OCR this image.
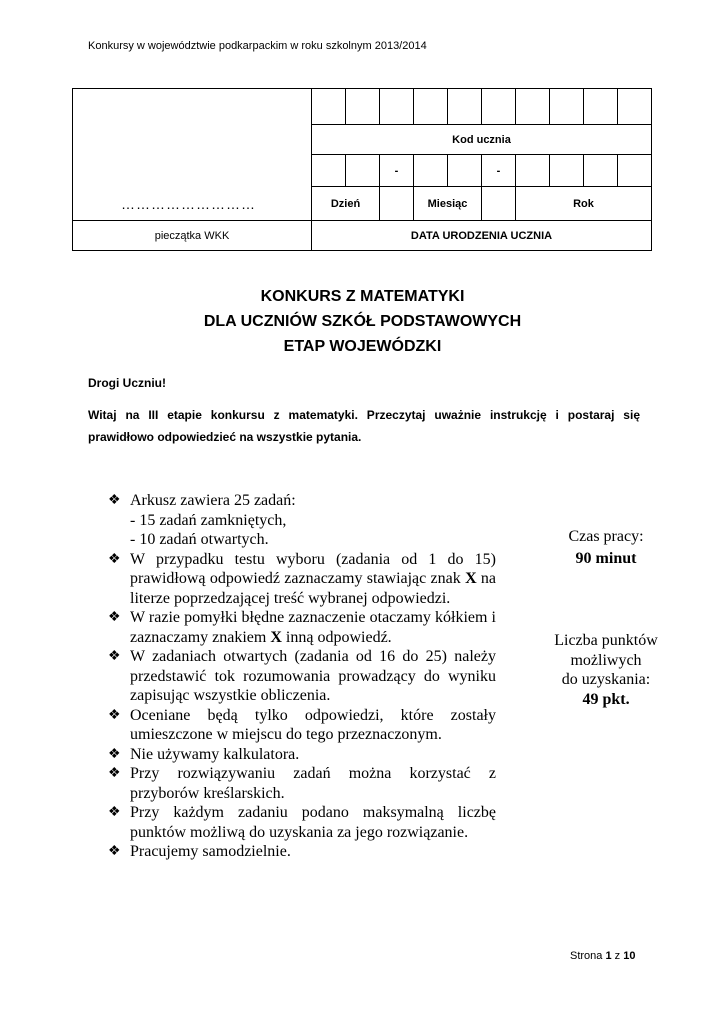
Konkursy w województwie podkarpackim w roku szkolnym 2013/2014
………………………										

	Kod ucznia									
			-			-				
	Dzień			Miesiąc			Rok			
pieczątka WKK	DATA URODZENIA UCZNIA									
KONKURS Z MATEMATYKI
DLA UCZNIÓW SZKÓŁ PODSTAWOWYCH
ETAP WOJEWÓDZKI
Drogi Uczniu!
Witaj na III etapie konkursu z matematyki. Przeczytaj uważnie instrukcję i postaraj się prawidłowo odpowiedzieć na wszystkie pytania.
❖ Arkusz zawiera 25 zadań:
- 15 zadań zamkniętych,
- 10 zadań otwartych.
❖ W przypadku testu wyboru (zadania od 1 do 15) prawidłową odpowiedź zaznaczamy stawiając znak X na literze poprzedzającej treść wybranej odpowiedzi.
❖ W razie pomyłki błędne zaznaczenie otaczamy kółkiem i zaznaczamy znakiem X inną odpowiedź.
❖ W zadaniach otwartych (zadania od 16 do 25) należy przedstawić tok rozumowania prowadzący do wyniku zapisując wszystkie obliczenia.
❖ Oceniane będą tylko odpowiedzi, które zostały umieszczone w miejscu do tego przeznaczonym.
❖ Nie używamy kalkulatora.
❖ Przy rozwiązywaniu zadań można korzystać z przyborów kreślarskich.
❖ Przy każdym zadaniu podano maksymalną liczbę punktów możliwą do uzyskania za jego rozwiązanie.
❖ Pracujemy samodzielnie.
Czas pracy:
90 minut
Liczba punktów
możliwych
do uzyskania:
49 pkt.
Strona 1 z 10
